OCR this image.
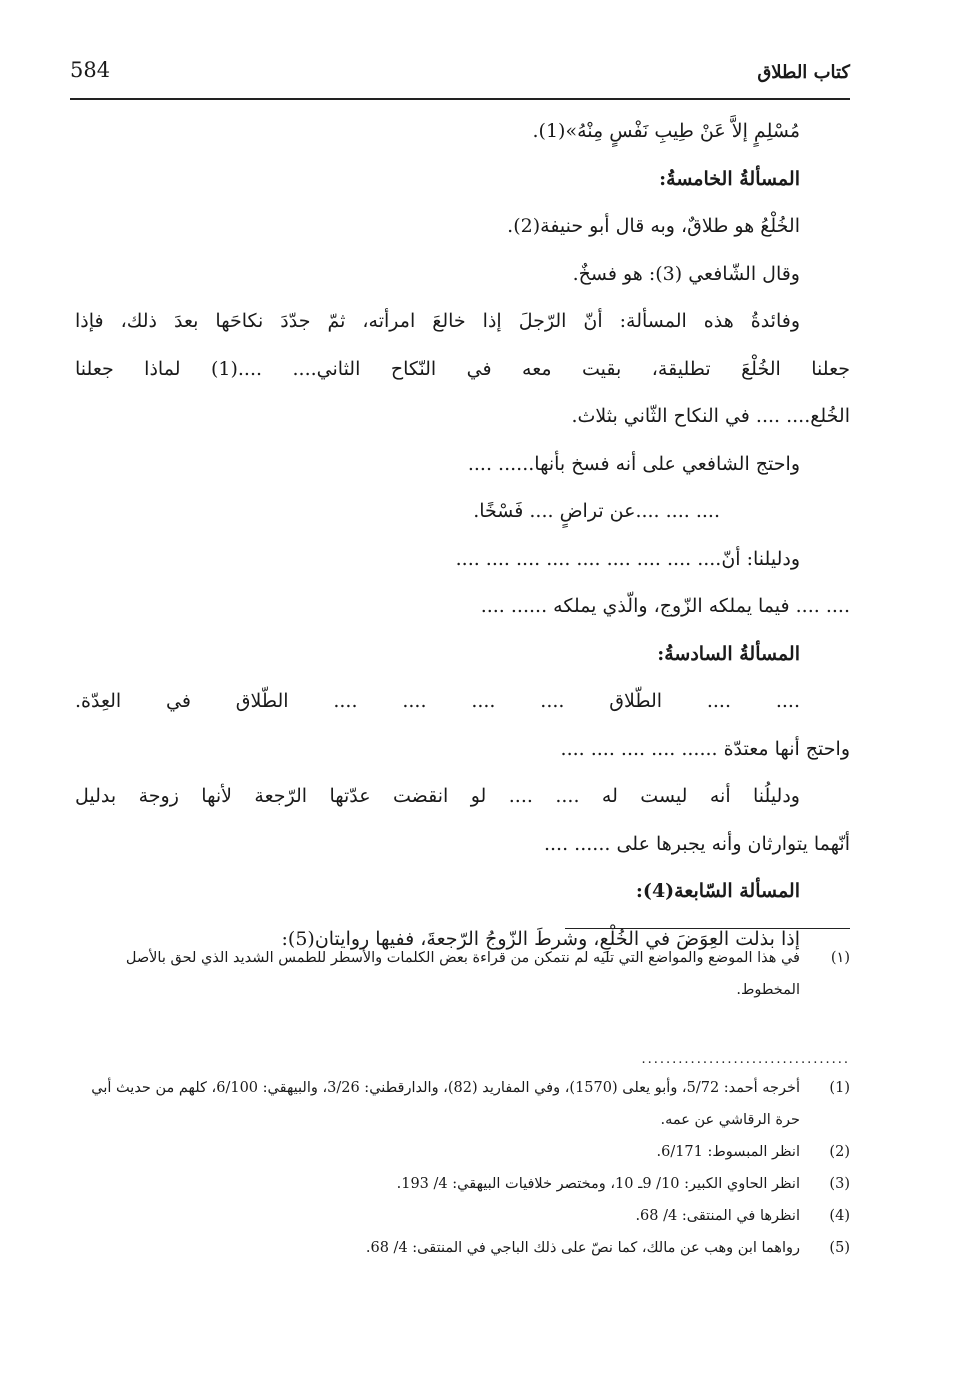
584	كتاب الطلاق
مُسْلِمٍ إلاَّ عَنْ طِيبِ نَفْسٍ مِنْهُ»(1).
المسألةُ الخامسةُ:
الخُلْعُ هو طلاقٌ، وبه قال أبو حنيفة(2).
وقال الشّافعي (3): هو فسخٌ.
وفائدةُ هذه المسألة: أنّ الرّجلَ إذا خالعَ امرأته، ثمّ جدّدَ نكاحَها بعدَ ذلك، فإذا
جعلنا الخُلْعَ تطليقة، بقيت معه في النّكاح الثاني.... ....(1) لماذا جعلنا
الخُلع.... .... في النكاح الثّاني بثلاث.
واحتج الشافعي على أنه فسخ بأنها...... ....
.... .... ....عن تراضٍ .... فَسْخًا.
ودليلنا: أنّ.... .... .... .... .... .... .... .... ....
.... .... فيما يملكه الزّوج، والّذي يملكه ...... ....
المسألةُ السادسةُ:
.... .... الطّلاق .... .... .... .... الطّلاق في العِدّة.
واحتج أنها معتدّة ...... .... .... .... ....
ودليلُنا أنه ليست له .... .... لو انقضت عدّتها الرّجعة لأنها زوجة بدليل
أنّهما يتوارثان وأنه يجبرها على ...... ....
المسألة السّابعة(4):
إذا بذلت العِوَضَ في الخُلْعِ، وشرطَ الزّوجُ الرّجعةَ، ففيها روايتان(5):
(١)
في هذا الموضع والمواضع التي تليه لم نتمكن من قراءة بعض الكلمات والأسطر للطمس الشديد الذي لحق بالأصل المخطوط.
..................................
(1)
أخرجه أحمد: 5/72، وأبو يعلى (1570)، وفي المفاريد (82)، والدارقطني: 3/26، والبيهقي: 6/100، كلهم من حديث أبي حرة الرقاشي عن عمه.
(2)
انظر المبسوط: 6/171.
(3)
انظر الحاوي الكبير: 10/ 9ـ 10، ومختصر خلافيات البيهقي: 4/ 193.
(4)
انظرها في المنتقى: 4/ 68.
(5)
رواهما ابن وهب عن مالك، كما نصّ على ذلك الباجي في المنتقى: 4/ 68.
